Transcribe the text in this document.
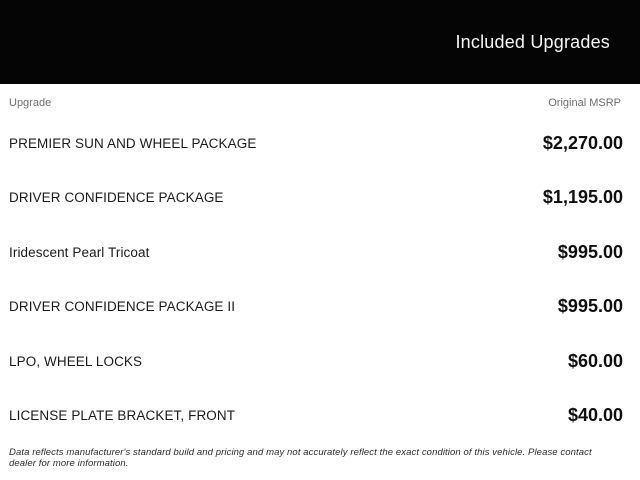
Included Upgrades
Upgrade	Original MSRP
PREMIER SUN AND WHEEL PACKAGE	$2,270.00
DRIVER CONFIDENCE PACKAGE	$1,195.00
Iridescent Pearl Tricoat	$995.00
DRIVER CONFIDENCE PACKAGE II	$995.00
LPO, WHEEL LOCKS	$60.00
LICENSE PLATE BRACKET, FRONT	$40.00
Data reflects manufacturer's standard build and pricing and may not accurately reflect the exact condition of this vehicle. Please contact dealer for more information.
